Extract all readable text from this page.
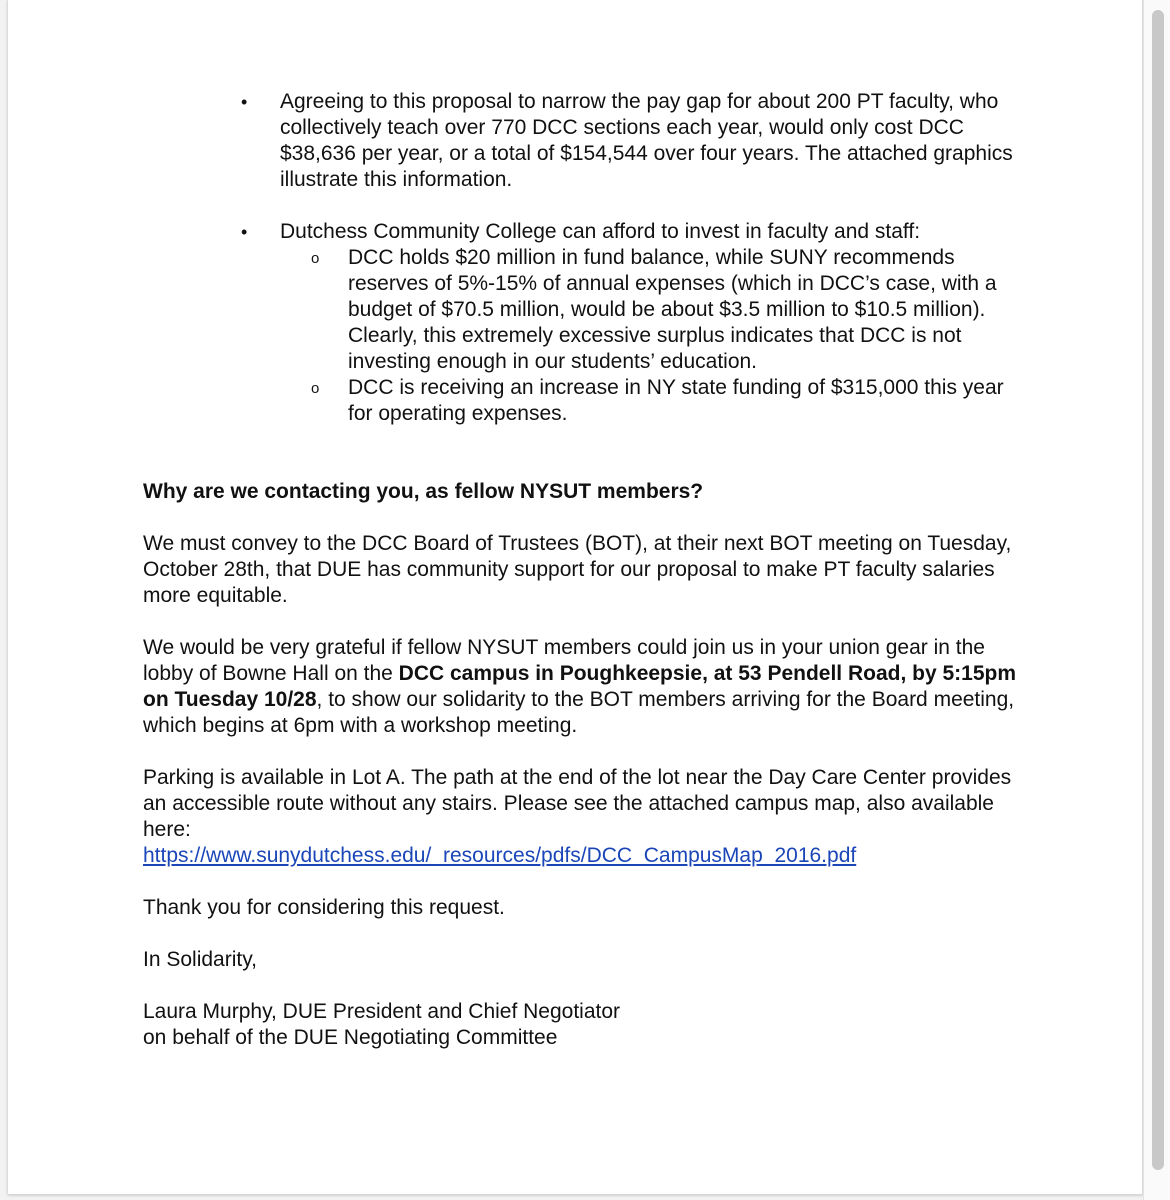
• Agreeing to this proposal to narrow the pay gap for about 200 PT faculty, who collectively teach over 770 DCC sections each year, would only cost DCC $38,636 per year, or a total of $154,544 over four years. The attached graphics illustrate this information.

• Dutchess Community College can afford to invest in faculty and staff:

o DCC holds $20 million in fund balance, while SUNY recommends reserves of 5%-15% of annual expenses (which in DCC’s case, with a budget of $70.5 million, would be about $3.5 million to $10.5 million). Clearly, this extremely excessive surplus indicates that DCC is not investing enough in our students’ education.

o DCC is receiving an increase in NY state funding of $315,000 this year for operating expenses.

Why are we contacting you, as fellow NYSUT members?

We must convey to the DCC Board of Trustees (BOT), at their next BOT meeting on Tuesday, October 28th, that DUE has community support for our proposal to make PT faculty salaries more equitable.

We would be very grateful if fellow NYSUT members could join us in your union gear in the lobby of Bowne Hall on the DCC campus in Poughkeepsie, at 53 Pendell Road, by 5:15pm on Tuesday 10/28, to show our solidarity to the BOT members arriving for the Board meeting, which begins at 6pm with a workshop meeting.

Parking is available in Lot A. The path at the end of the lot near the Day Care Center provides an accessible route without any stairs. Please see the attached campus map, also available here:

https://www.sunydutchess.edu/_resources/pdfs/DCC_CampusMap_2016.pdf

Thank you for considering this request.

In Solidarity,

Laura Murphy, DUE President and Chief Negotiator

on behalf of the DUE Negotiating Committee
